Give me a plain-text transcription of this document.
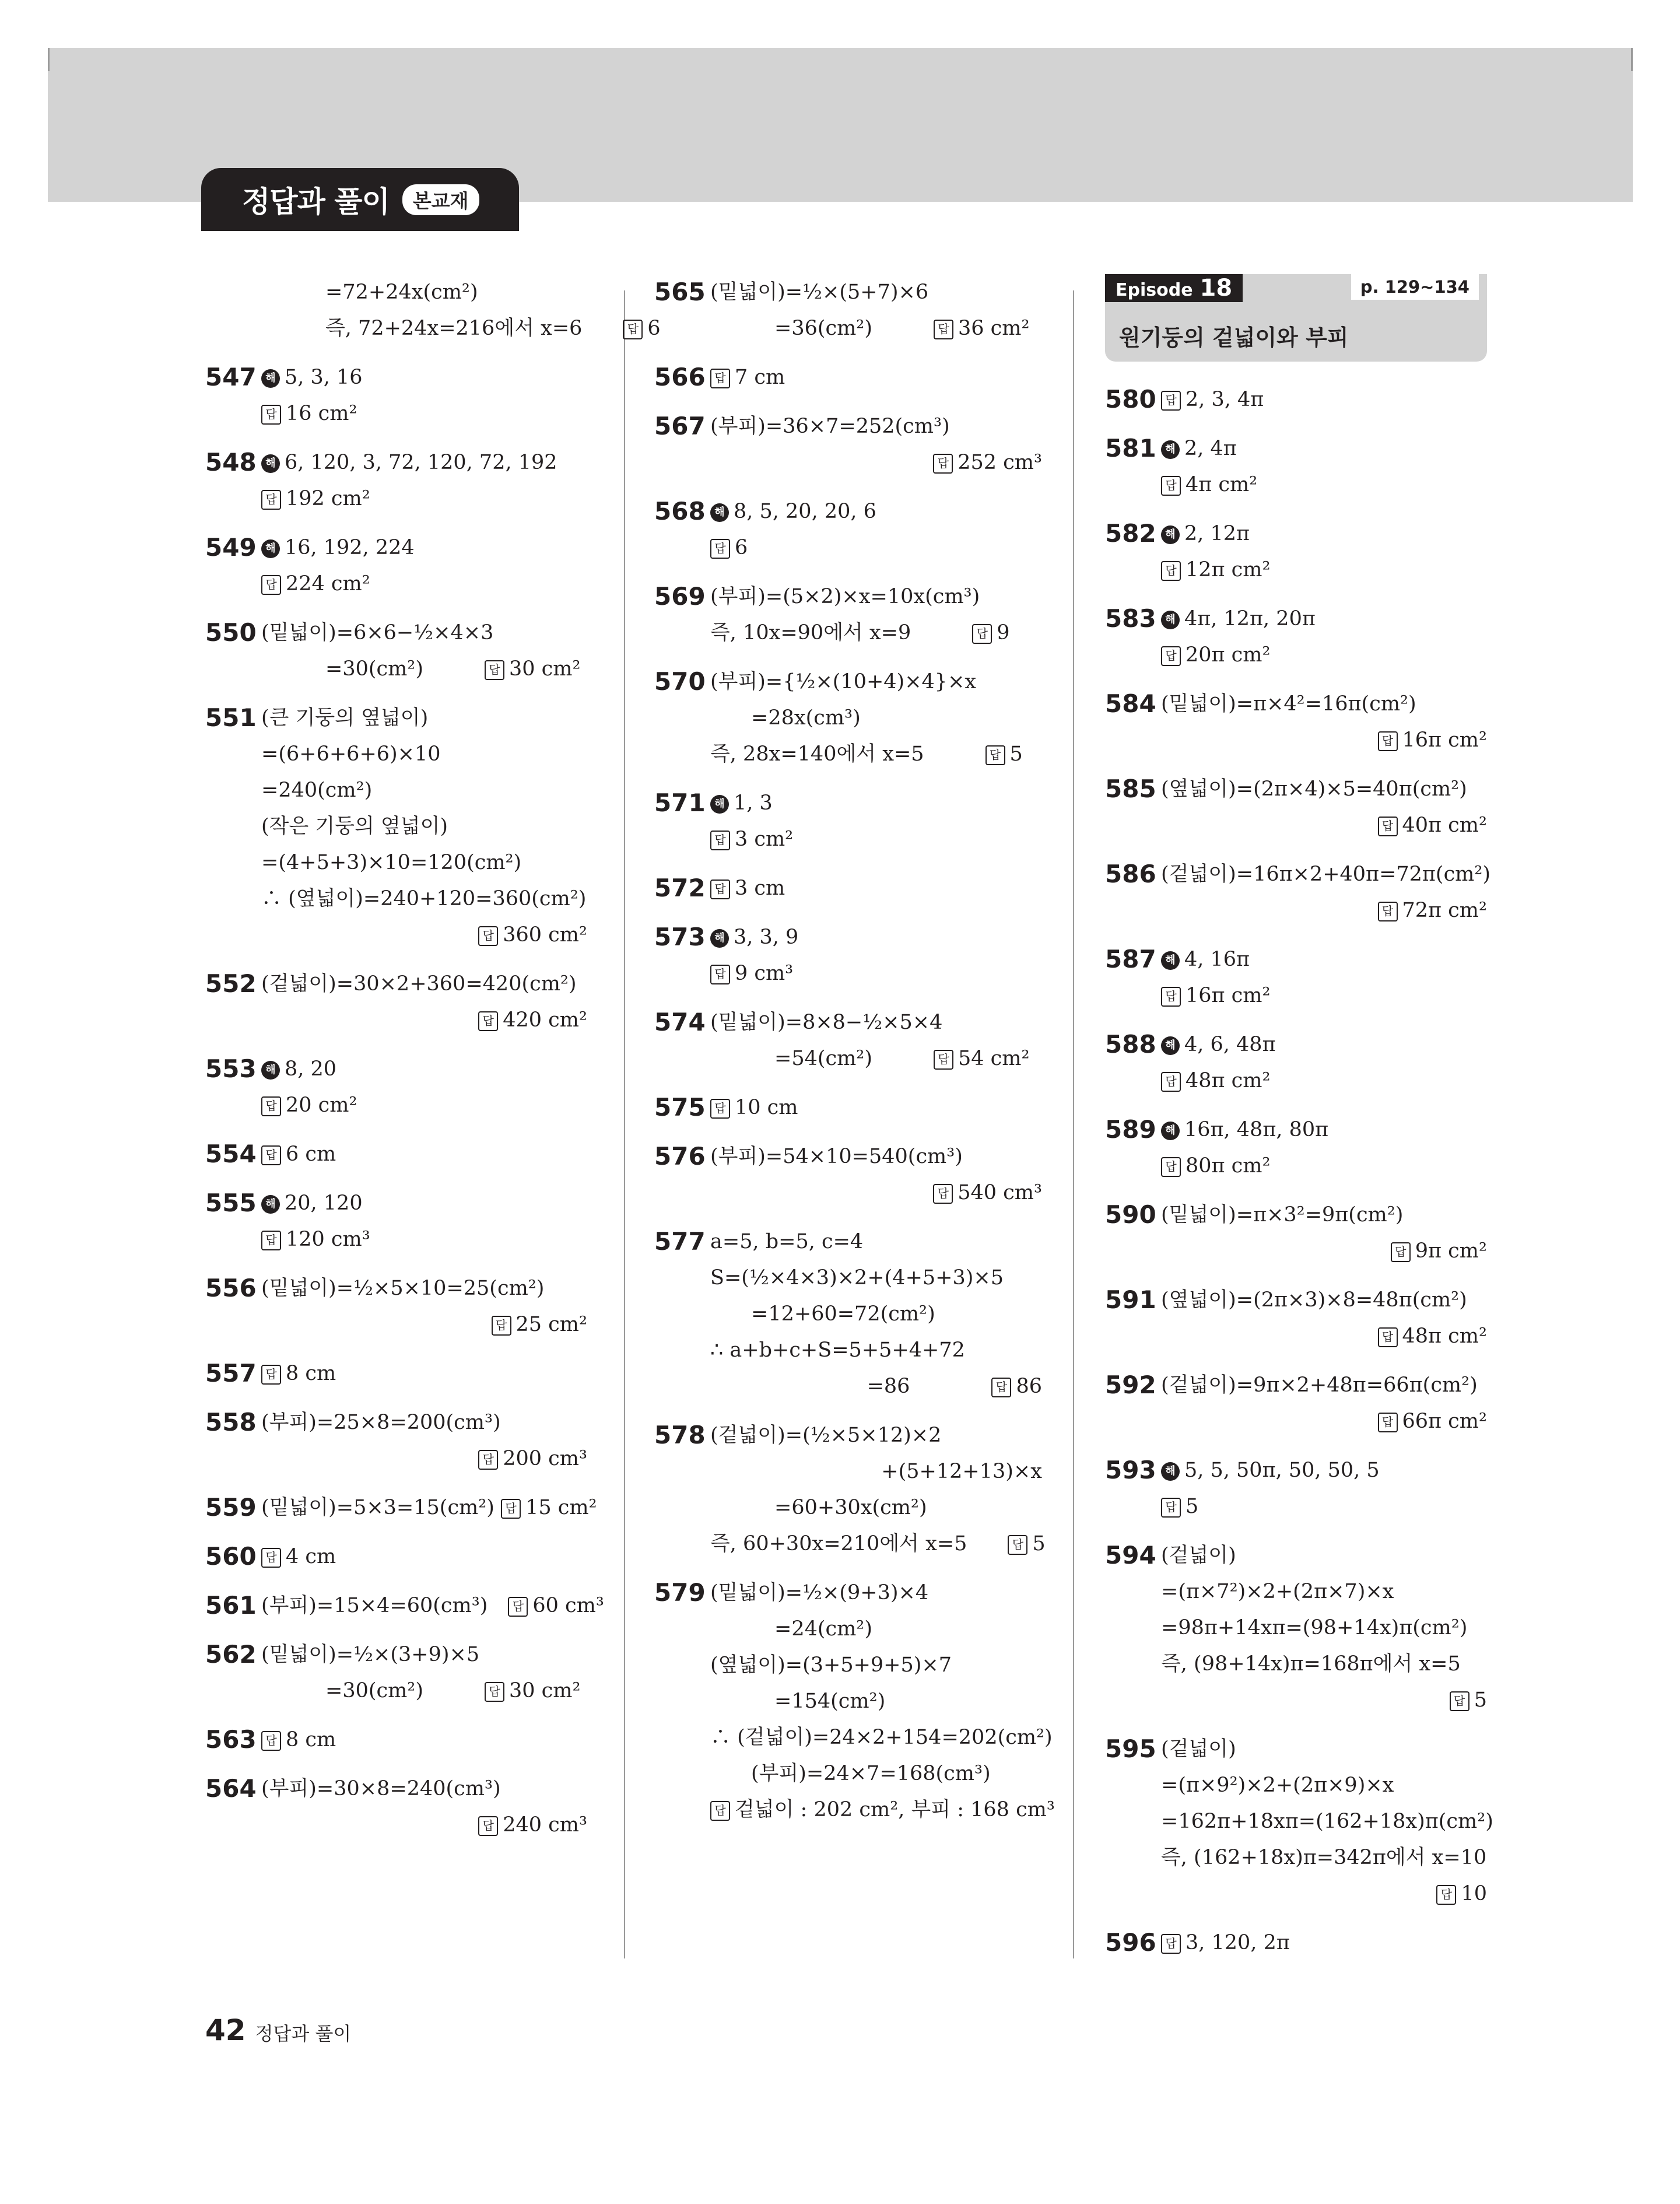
정답과 풀이	본교재
=72+24x(cm²)
즉, 72+24x=216에서 x=6　　답 6
547 해 5, 3, 16
답 16 cm²
548 해 6, 120, 3, 72, 120, 72, 192
답 192 cm²
549 해 16, 192, 224
답 224 cm²
550 (밑넓이)=6×6−½×4×3
=30(cm²)　　　답 30 cm²
551 (큰 기둥의 옆넓이)
=(6+6+6+6)×10
=240(cm²)
(작은 기둥의 옆넓이)
=(4+5+3)×10=120(cm²)
∴ (옆넓이)=240+120=360(cm²)
답 360 cm²
552 (겉넓이)=30×2+360=420(cm²)
답 420 cm²
553 해 8, 20
답 20 cm²
554 답 6 cm
555 해 20, 120
답 120 cm³
556 (밑넓이)=½×5×10=25(cm²)
답 25 cm²
557 답 8 cm
558 (부피)=25×8=200(cm³)
답 200 cm³
559 (밑넓이)=5×3=15(cm²) 답 15 cm²
560 답 4 cm
561 (부피)=15×4=60(cm³)　답 60 cm³
562 (밑넓이)=½×(3+9)×5
=30(cm²)　　　답 30 cm²
563 답 8 cm
564 (부피)=30×8=240(cm³)
답 240 cm³
565 (밑넓이)=½×(5+7)×6
=36(cm²)　　　답 36 cm²
566 답 7 cm
567 (부피)=36×7=252(cm³)
답 252 cm³
568 해 8, 5, 20, 20, 6
답 6
569 (부피)=(5×2)×x=10x(cm³)
즉, 10x=90에서 x=9　　　답 9
570 (부피)={½×(10+4)×4}×x
=28x(cm³)
즉, 28x=140에서 x=5　　　답 5
571 해 1, 3
답 3 cm²
572 답 3 cm
573 해 3, 3, 9
답 9 cm³
574 (밑넓이)=8×8−½×5×4
=54(cm²)　　　답 54 cm²
575 답 10 cm
576 (부피)=54×10=540(cm³)
답 540 cm³
577 a=5, b=5, c=4
S=(½×4×3)×2+(4+5+3)×5
=12+60=72(cm²)
∴ a+b+c+S=5+5+4+72
=86　　　　답 86
578 (겉넓이)=(½×5×12)×2
+(5+12+13)×x
=60+30x(cm²)
즉, 60+30x=210에서 x=5　　답 5
579 (밑넓이)=½×(9+3)×4
=24(cm²)
(옆넓이)=(3+5+9+5)×7
=154(cm²)
∴ (겉넓이)=24×2+154=202(cm²)
(부피)=24×7=168(cm³)
답 겉넓이 : 202 cm², 부피 : 168 cm³
Episode 18	p. 129~134
원기둥의 겉넓이와 부피
580 답 2, 3, 4π
581 해 2, 4π
답 4π cm²
582 해 2, 12π
답 12π cm²
583 해 4π, 12π, 20π
답 20π cm²
584 (밑넓이)=π×4²=16π(cm²)
답 16π cm²
585 (옆넓이)=(2π×4)×5=40π(cm²)
답 40π cm²
586 (겉넓이)=16π×2+40π=72π(cm²)
답 72π cm²
587 해 4, 16π
답 16π cm²
588 해 4, 6, 48π
답 48π cm²
589 해 16π, 48π, 80π
답 80π cm²
590 (밑넓이)=π×3²=9π(cm²)
답 9π cm²
591 (옆넓이)=(2π×3)×8=48π(cm²)
답 48π cm²
592 (겉넓이)=9π×2+48π=66π(cm²)
답 66π cm²
593 해 5, 5, 50π, 50, 50, 5
답 5
594 (겉넓이)
=(π×7²)×2+(2π×7)×x
=98π+14xπ=(98+14x)π(cm²)
즉, (98+14x)π=168π에서 x=5
답 5
595 (겉넓이)
=(π×9²)×2+(2π×9)×x
=162π+18xπ=(162+18x)π(cm²)
즉, (162+18x)π=342π에서 x=10
답 10
596 답 3, 120, 2π
42 정답과 풀이
